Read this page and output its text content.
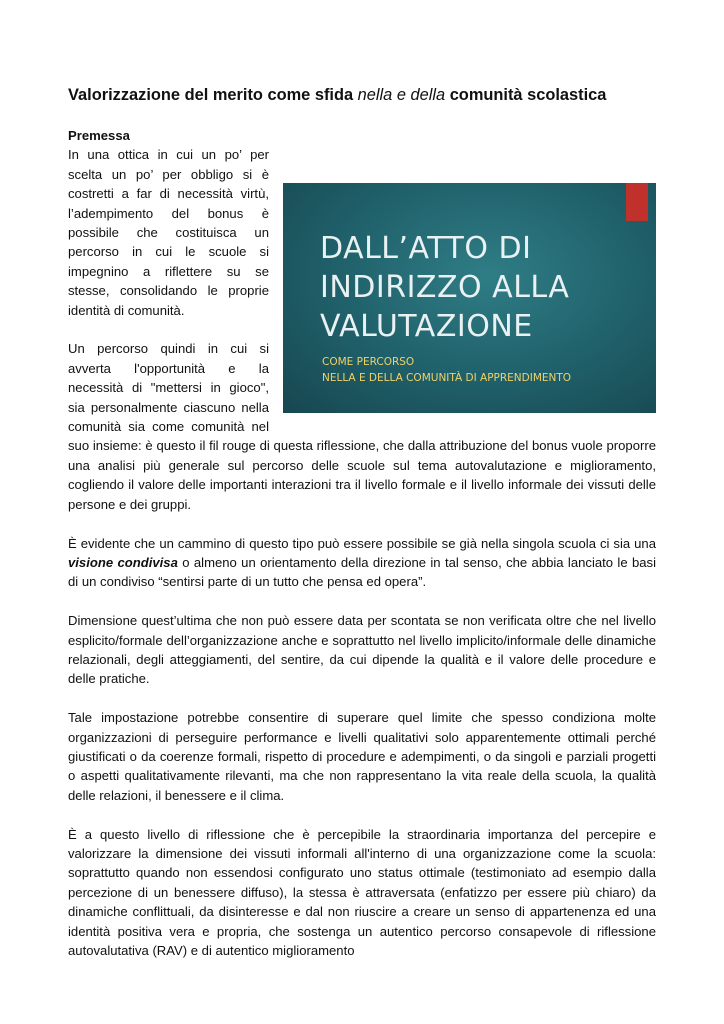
Valorizzazione del merito come sfida nella e della comunità scolastica
Premessa

DALL’ATTO DI
INDIRIZZO ALLA
VALUTAZIONE
COME PERCORSO
NELLA E DELLA COMUNITÀ DI APPRENDIMENTO
In una ottica in cui un po’ per scelta un po’ per obbligo si è costretti a far di necessità virtù, l’adempimento del bonus è possibile che costituisca un percorso in cui le scuole si impegnino a riflettere su se stesse, consolidando le proprie identità di comunità.

Un percorso quindi in cui si avverta l'opportunità e la necessità di "mettersi in gioco", sia personalmente ciascuno nella comunità sia come comunità nel suo insieme: è questo il fil rouge di questa riflessione, che dalla attribuzione del bonus vuole proporre una analisi più generale sul percorso delle scuole sul tema autovalutazione e miglioramento, cogliendo il valore delle importanti interazioni tra il livello formale e il livello informale dei vissuti delle persone e dei gruppi.

È evidente che un cammino di questo tipo può essere possibile se già nella singola scuola ci sia una visione condivisa o almeno un orientamento della direzione in tal senso, che abbia lanciato le basi di un condiviso “sentirsi parte di un tutto che pensa ed opera”.

Dimensione quest’ultima che non può essere data per scontata se non verificata oltre che nel livello esplicito/formale dell’organizzazione anche e soprattutto nel livello implicito/informale delle dinamiche relazionali, degli atteggiamenti, del sentire, da cui dipende la qualità e il valore delle procedure e delle pratiche.

Tale impostazione potrebbe consentire di superare quel limite che spesso condiziona molte organizzazioni di perseguire performance e livelli qualitativi solo apparentemente ottimali perché giustificati o da coerenze formali, rispetto di procedure e adempimenti, o da singoli e parziali progetti o aspetti qualitativamente rilevanti, ma che non rappresentano la vita reale della scuola, la qualità delle relazioni, il benessere e il clima.

È a questo livello di riflessione che è percepibile la straordinaria importanza del percepire e valorizzare la dimensione dei vissuti informali all'interno di una organizzazione come la scuola: soprattutto quando non essendosi configurato uno status ottimale (testimoniato ad esempio dalla percezione di un benessere diffuso), la stessa è attraversata (enfatizzo per essere più chiaro) da dinamiche conflittuali, da disinteresse e dal non riuscire a creare un senso di appartenenza ed una identità positiva vera e propria, che sostenga un autentico percorso consapevole di riflessione autovalutativa (RAV) e di autentico miglioramento
